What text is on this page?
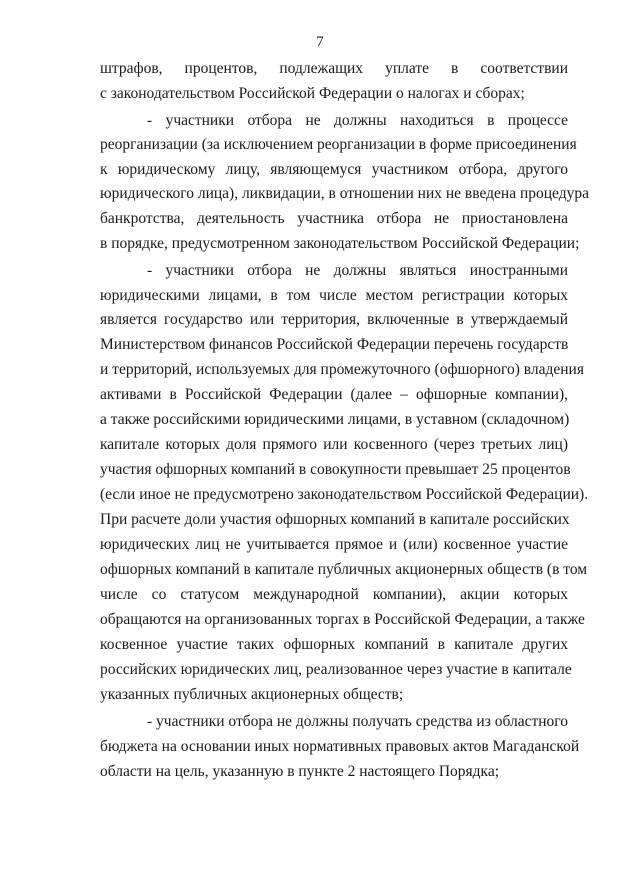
7
штрафов, процентов, подлежащих уплате в соответствии
с законодательством Российской Федерации о налогах и сборах;
- участники отбора не должны находиться в процессе
реорганизации (за исключением реорганизации в форме присоединения
к юридическому лицу, являющемуся участником отбора, другого
юридического лица), ликвидации, в отношении них не введена процедура
банкротства, деятельность участника отбора не приостановлена
в порядке, предусмотренном законодательством Российской Федерации;
- участники отбора не должны являться иностранными
юридическими лицами, в том числе местом регистрации которых
является государство или территория, включенные в утверждаемый
Министерством финансов Российской Федерации перечень государств
и территорий, используемых для промежуточного (офшорного) владения
активами в Российской Федерации (далее – офшорные компании),
а также российскими юридическими лицами, в уставном (складочном)
капитале которых доля прямого или косвенного (через третьих лиц)
участия офшорных компаний в совокупности превышает 25 процентов
(если иное не предусмотрено законодательством Российской Федерации).
При расчете доли участия офшорных компаний в капитале российских
юридических лиц не учитывается прямое и (или) косвенное участие
офшорных компаний в капитале публичных акционерных обществ (в том
числе со статусом международной компании), акции которых
обращаются на организованных торгах в Российской Федерации, а также
косвенное участие таких офшорных компаний в капитале других
российских юридических лиц, реализованное через участие в капитале
указанных публичных акционерных обществ;
- участники отбора не должны получать средства из областного
бюджета на основании иных нормативных правовых актов Магаданской
области на цель, указанную в пункте 2 настоящего Порядка;
